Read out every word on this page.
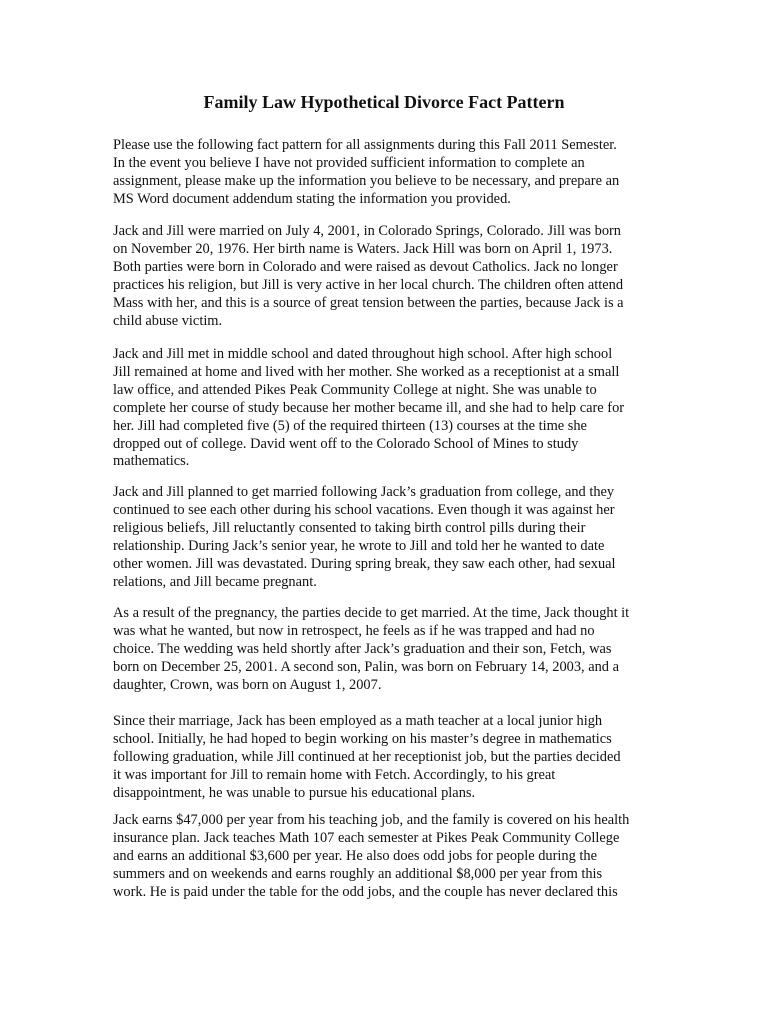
Family Law Hypothetical Divorce Fact Pattern

Please use the following fact pattern for all assignments during this Fall 2011 Semester.
In the event you believe I have not provided sufficient information to complete an
assignment, please make up the information you believe to be necessary, and prepare an
MS Word document addendum stating the information you provided.

Jack and Jill were married on July 4, 2001, in Colorado Springs, Colorado. Jill was born
on November 20, 1976. Her birth name is Waters. Jack Hill was born on April 1, 1973.
Both parties were born in Colorado and were raised as devout Catholics. Jack no longer
practices his religion, but Jill is very active in her local church. The children often attend
Mass with her, and this is a source of great tension between the parties, because Jack is a
child abuse victim.

Jack and Jill met in middle school and dated throughout high school. After high school
Jill remained at home and lived with her mother. She worked as a receptionist at a small
law office, and attended Pikes Peak Community College at night. She was unable to
complete her course of study because her mother became ill, and she had to help care for
her. Jill had completed five (5) of the required thirteen (13) courses at the time she
dropped out of college. David went off to the Colorado School of Mines to study
mathematics.

Jack and Jill planned to get married following Jack’s graduation from college, and they
continued to see each other during his school vacations. Even though it was against her
religious beliefs, Jill reluctantly consented to taking birth control pills during their
relationship. During Jack’s senior year, he wrote to Jill and told her he wanted to date
other women. Jill was devastated. During spring break, they saw each other, had sexual
relations, and Jill became pregnant.

As a result of the pregnancy, the parties decide to get married. At the time, Jack thought it
was what he wanted, but now in retrospect, he feels as if he was trapped and had no
choice. The wedding was held shortly after Jack’s graduation and their son, Fetch, was
born on December 25, 2001. A second son, Palin, was born on February 14, 2003, and a
daughter, Crown, was born on August 1, 2007.

Since their marriage, Jack has been employed as a math teacher at a local junior high
school. Initially, he had hoped to begin working on his master’s degree in mathematics
following graduation, while Jill continued at her receptionist job, but the parties decided
it was important for Jill to remain home with Fetch. Accordingly, to his great
disappointment, he was unable to pursue his educational plans.

Jack earns $47,000 per year from his teaching job, and the family is covered on his health
insurance plan. Jack teaches Math 107 each semester at Pikes Peak Community College
and earns an additional $3,600 per year. He also does odd jobs for people during the
summers and on weekends and earns roughly an additional $8,000 per year from this
work. He is paid under the table for the odd jobs, and the couple has never declared this
